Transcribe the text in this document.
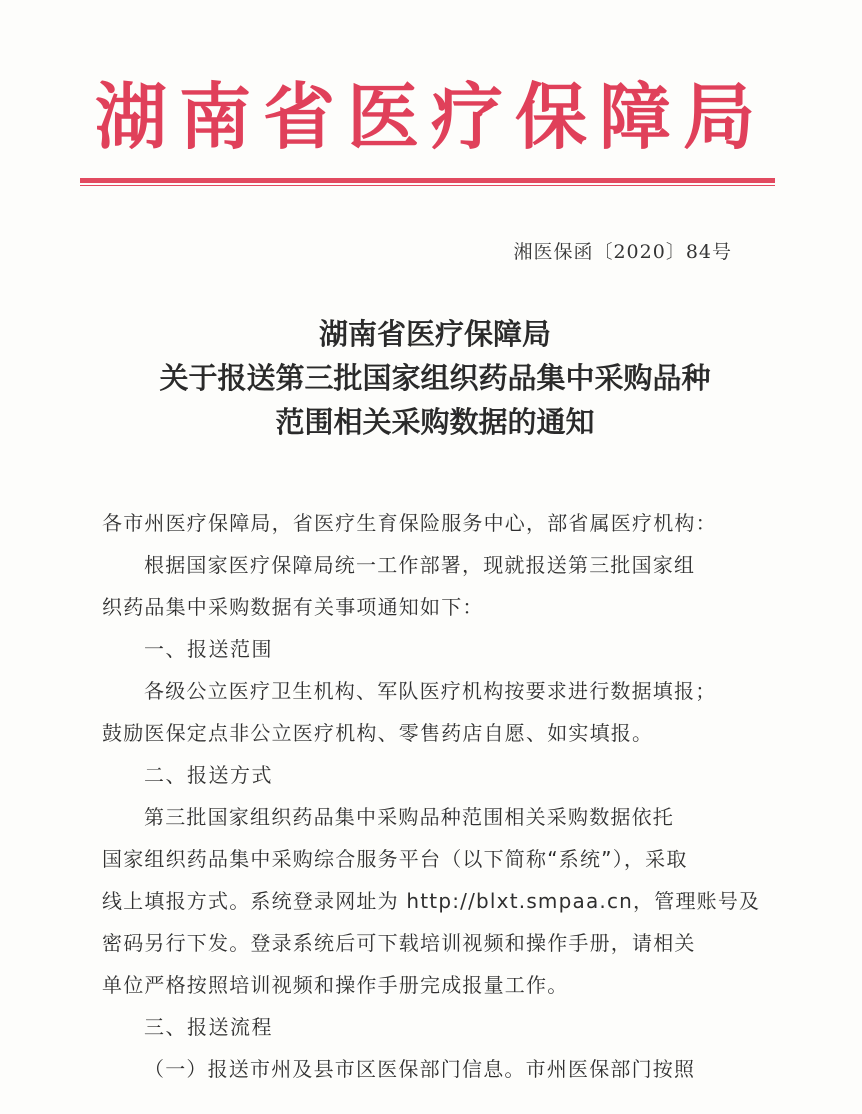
湖南省医疗保障局
湘医保函〔2020〕84号
湖南省医疗保障局
关于报送第三批国家组织药品集中采购品种
范围相关采购数据的通知

各市州医疗保障局，省医疗生育保险服务中心，部省属医疗机构：

根据国家医疗保障局统一工作部署，现就报送第三批国家组

织药品集中采购数据有关事项通知如下：

一、报送范围

各级公立医疗卫生机构、军队医疗机构按要求进行数据填报；

鼓励医保定点非公立医疗机构、零售药店自愿、如实填报。

二、报送方式

第三批国家组织药品集中采购品种范围相关采购数据依托

国家组织药品集中采购综合服务平台（以下简称“系统”），采取

线上填报方式。系统登录网址为 http://blxt.smpaa.cn，管理账号及

密码另行下发。登录系统后可下载培训视频和操作手册，请相关

单位严格按照培训视频和操作手册完成报量工作。

三、报送流程

（一）报送市州及县市区医保部门信息。市州医保部门按照
